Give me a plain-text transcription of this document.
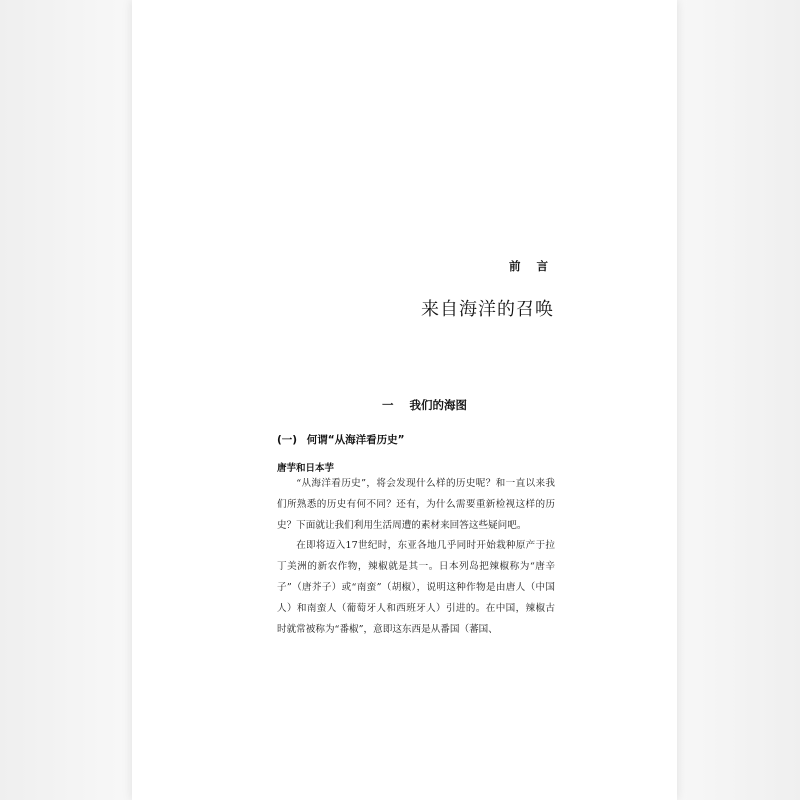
前 言
来自海洋的召唤
一 我们的海图
(一) 何谓“从海洋看历史”
唐芋和日本芋

“从海洋看历史”，将会发现什么样的历史呢？和一直以来我们所熟悉的历史有何不同？还有，为什么需要重新检视这样的历史？下面就让我们利用生活周遭的素材来回答这些疑问吧。

在即将迈入17世纪时，东亚各地几乎同时开始栽种原产于拉丁美洲的新农作物，辣椒就是其一。日本列岛把辣椒称为“唐辛子”（唐芥子）或“南蛮”（胡椒），说明这种作物是由唐人（中国人）和南蛮人（葡萄牙人和西班牙人）引进的。在中国，辣椒古时就常被称为“番椒”，意即这东西是从番国（蕃国、
